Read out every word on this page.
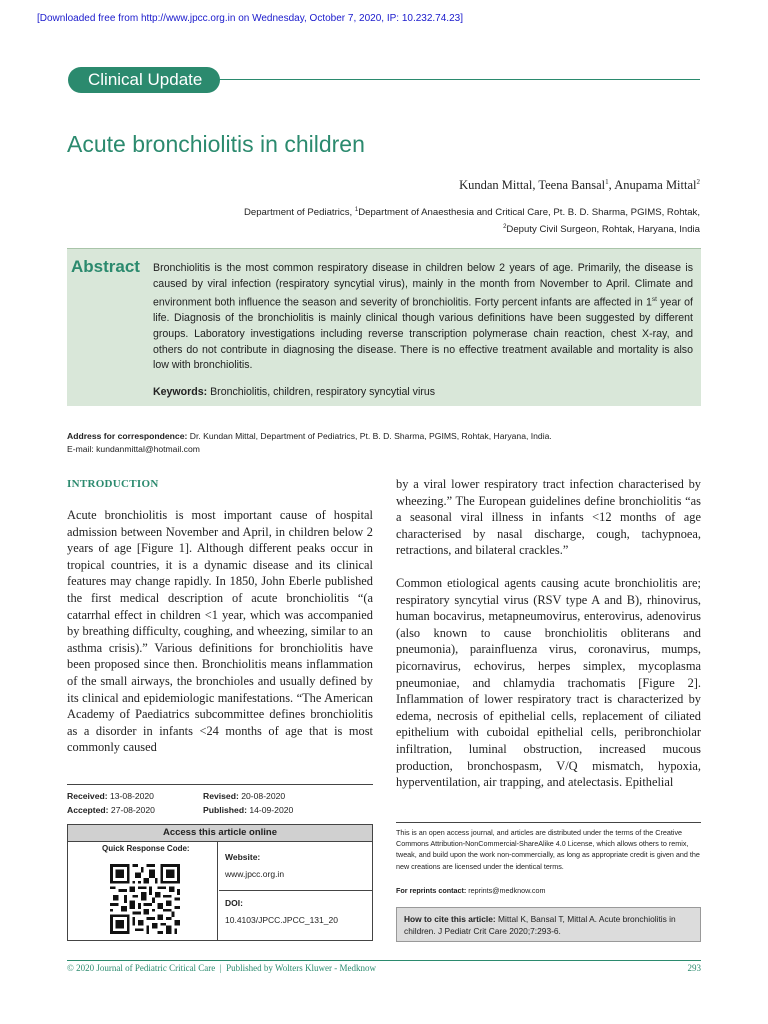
[Downloaded free from http://www.jpcc.org.in on Wednesday, October 7, 2020, IP: 10.232.74.23]
Clinical Update
Acute bronchiolitis in children
Kundan Mittal, Teena Bansal$^1$, Anupama Mittal$^2$
Department of Pediatrics, $^1$Department of Anaesthesia and Critical Care, Pt. B. D. Sharma, PGIMS, Rohtak,
$^2$Deputy Civil Surgeon, Rohtak, Haryana, India
Abstract Bronchiolitis is the most common respiratory disease in children below 2 years of age. Primarily, the disease is caused by viral infection (respiratory syncytial virus), mainly in the month from November to April. Climate and environment both influence the season and severity of bronchiolitis. Forty percent infants are affected in 1st year of life. Diagnosis of the bronchiolitis is mainly clinical though various definitions have been suggested by different groups. Laboratory investigations including reverse transcription polymerase chain reaction, chest X-ray, and others do not contribute in diagnosing the disease. There is no effective treatment available and mortality is also low with bronchiolitis.
Keywords: Bronchiolitis, children, respiratory syncytial virus
Address for correspondence: Dr. Kundan Mittal, Department of Pediatrics, Pt. B. D. Sharma, PGIMS, Rohtak, Haryana, India.
E-mail: kundanmittal@hotmail.com
INTRODUCTION

Acute bronchiolitis is most important cause of hospital admission between November and April, in children below 2 years of age [Figure 1]. Although different peaks occur in tropical countries, it is a dynamic disease and its clinical features may change rapidly. In 1850, John Eberle published the first medical description of acute bronchiolitis “(a catarrhal effect in children <1 year, which was accompanied by breathing difficulty, coughing, and wheezing, similar to an asthma crisis).” Various definitions for bronchiolitis have been proposed since then. Bronchiolitis means inflammation of the small airways, the bronchioles and usually defined by its clinical and epidemiologic manifestations. “The American Academy of Paediatrics subcommittee defines bronchiolitis as a disorder in infants <24 months of age that is most commonly caused

by a viral lower respiratory tract infection characterised by wheezing.” The European guidelines define bronchiolitis “as a seasonal viral illness in infants <12 months of age characterised by nasal discharge, cough, tachypnoea, retractions, and bilateral crackles.”

Common etiological agents causing acute bronchiolitis are; respiratory syncytial virus (RSV type A and B), rhinovirus, human bocavirus, metapneumovirus, enterovirus, adenovirus (also known to cause bronchiolitis obliterans and pneumonia), parainfluenza virus, coronavirus, mumps, picornavirus, echovirus, herpes simplex, mycoplasma pneumoniae, and chlamydia trachomatis [Figure 2]. Inflammation of lower respiratory tract is characterized by edema, necrosis of epithelial cells, replacement of ciliated epithelium with cuboidal epithelial cells, peribronchiolar infiltration, luminal obstruction, increased mucous production, bronchospasm, V/Q mismatch, hypoxia, hyperventilation, air trapping, and atelectasis. Epithelial

Received: 13-08-2020	Revised: 20-08-2020
Accepted: 27-08-2020	Published: 14-09-2020
Access this article online
Quick Response Code:
Website:
www.jpcc.org.in
DOI:
10.4103/JPCC.JPCC_131_20
This is an open access journal, and articles are distributed under the terms of the Creative Commons Attribution-NonCommercial-ShareAlike 4.0 License, which allows others to remix, tweak, and build upon the work non-commercially, as long as appropriate credit is given and the new creations are licensed under the identical terms.
For reprints contact: reprints@medknow.com
How to cite this article: Mittal K, Bansal T, Mittal A. Acute bronchiolitis in children. J Pediatr Crit Care 2020;7:293-6.
© 2020 Journal of Pediatric Critical Care  |  Published by Wolters Kluwer - Medknow	293
